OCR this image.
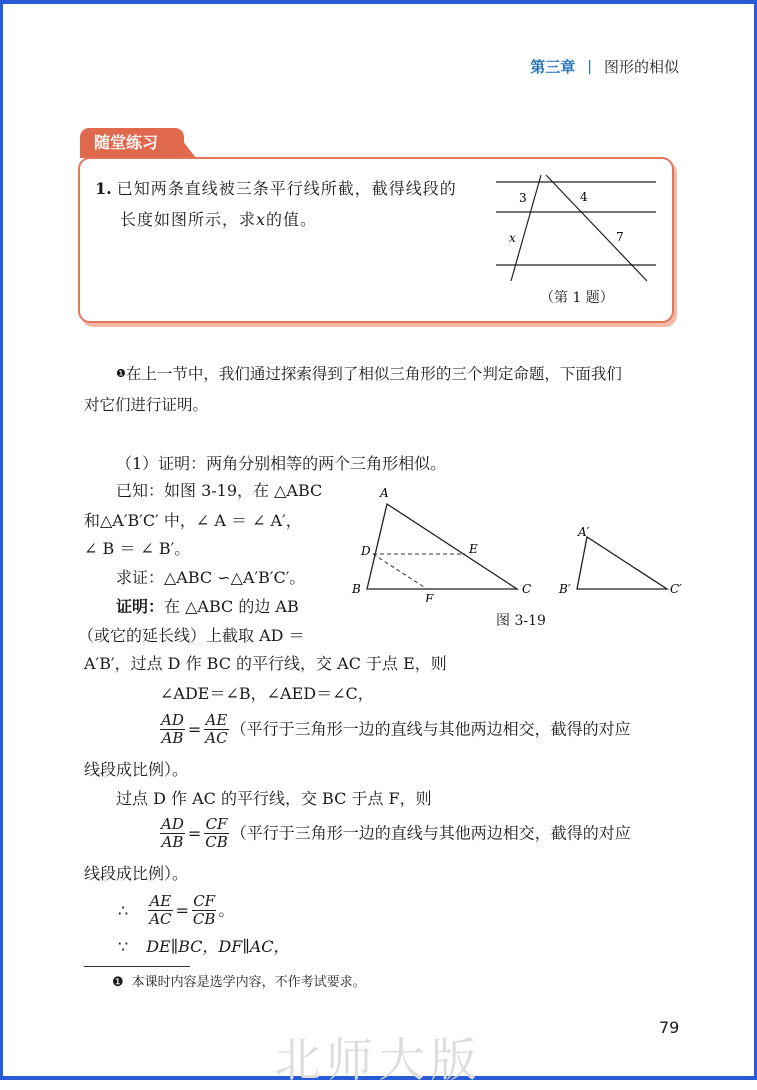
第三章 | 图形的相似
随堂练习
1. 已知两条直线被三条平行线所截，截得线段的
长度如图所示，求x的值。
3	4
x	7
（第 1 题）
$^❶$在上一节中，我们通过探索得到了相似三角形的三个判定命题，下面我们
对它们进行证明。
（1）证明：两角分别相等的两个三角形相似。
已知：如图 3-19，在 △ABC
和△A′B′C′ 中，∠ A ＝ ∠ A′，
∠ B ＝ ∠ B′。
求证：△ABC ∽△A′B′C′。
证明：在 △ABC 的边 AB
（或它的延长线）上截取 AD ＝
A′B′，过点 D 作 BC 的平行线，交 AC 于点 E，则
∠ADE＝∠B，∠AED＝∠C，
$\frac{AD}{AB} = \frac{AE}{AC}$ （平行于三角形一边的直线与其他两边相交，截得的对应
线段成比例）。
过点 D 作 AC 的平行线，交 BC 于点 F，则
$\frac{AD}{AB} = \frac{CF}{CB}$ （平行于三角形一边的直线与其他两边相交，截得的对应
线段成比例）。
∴ $\frac{AE}{AC} = \frac{CF}{CB}$ 。
∵ DE∥BC，DF∥AC，
A
B	C
D	E
F
A′
B′	C′
图 3-19
❶ 本课时内容是选学内容，不作考试要求。
79
北师大版
